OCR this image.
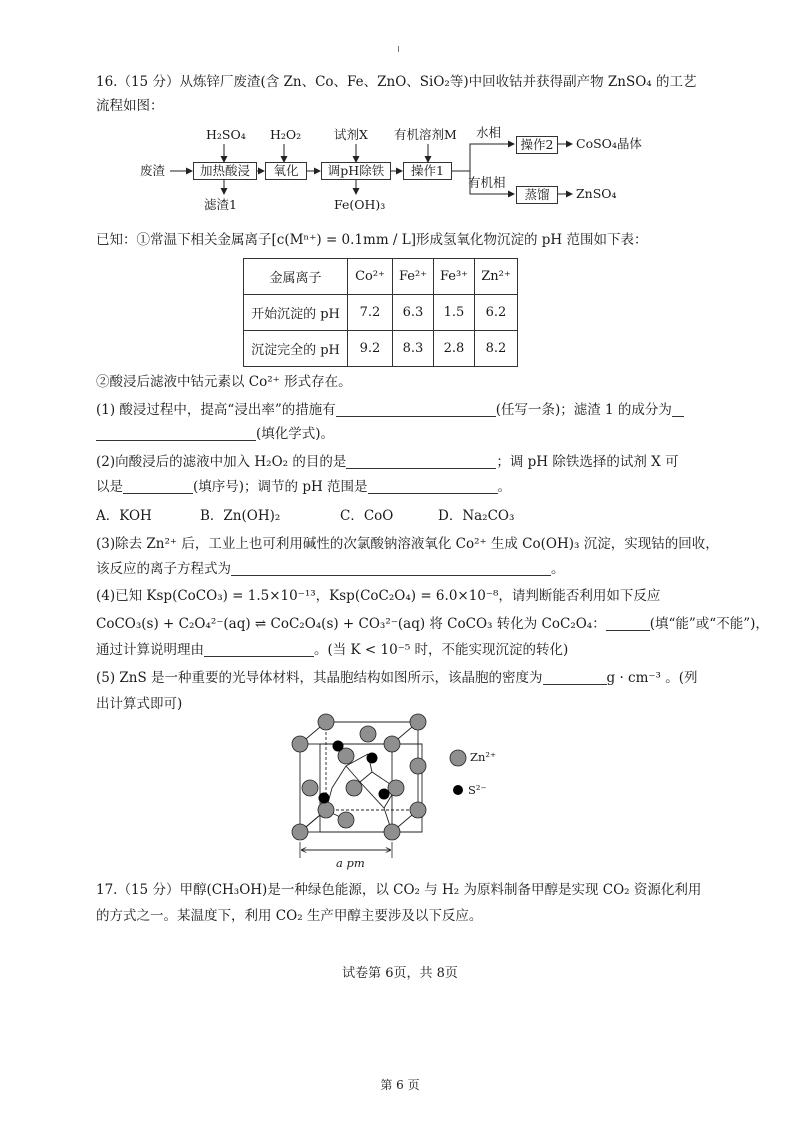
16.（15 分）从炼锌厂废渣(含 Zn、Co、Fe、ZnO、SiO₂等)中回收钴并获得副产物 ZnSO₄ 的工艺
流程如图：
废渣	加热酸浸	氧化	调pH除铁	操作1
操作2
蒸馏
H₂SO₄ H₂O₂	试剂X 有机溶剂M
滤渣1	Fe(OH)₃
水相
有机相
CoSO₄晶体
ZnSO₄
已知：①常温下相关金属离子[c(Mⁿ⁺) = 0.1mm / L]形成氢氧化物沉淀的 pH 范围如下表：
金属离子	Co²⁺	Fe²⁺	Fe³⁺	Zn²⁺
开始沉淀的 pH	7.2	6.3	1.5	6.2
沉淀完全的 pH	9.2	8.3	2.8	8.2
②酸浸后滤液中钴元素以 Co²⁺ 形式存在。
(1) 酸浸过程中，提高“浸出率”的措施有	(任写一条)；滤渣 1 的成分为
(填化学式)。
(2)向酸浸后的滤液中加入 H₂O₂ 的目的是	；调 pH 除铁选择的试剂 X 可
以是	(填序号)；调节的 pH 范围是	。
A．KOH	B．Zn(OH)₂	C．CoO	D．Na₂CO₃
(3)除去 Zn²⁺ 后，工业上也可利用碱性的次氯酸钠溶液氧化 Co²⁺ 生成 Co(OH)₃ 沉淀，实现钴的回收，
该反应的离子方程式为	。
(4)已知 Ksp(CoCO₃) = 1.5×10⁻¹³，Ksp(CoC₂O₄) = 6.0×10⁻⁸，请判断能否利用如下反应
CoCO₃(s) + C₂O₄²⁻(aq) ⇌ CoC₂O₄(s) + CO₃²⁻(aq) 将 CoCO₃ 转化为 CoC₂O₄：	(填“能”或“不能”)，
通过计算说明理由	。(当 K < 10⁻⁵ 时，不能实现沉淀的转化)
(5) ZnS 是一种重要的光导体材料，其晶胞结构如图所示，该晶胞的密度为	g · cm⁻³ 。(列
出计算式即可)
Zn²⁺
S²⁻
a pm
17.（15 分）甲醇(CH₃OH)是一种绿色能源，以 CO₂ 与 H₂ 为原料制备甲醇是实现 CO₂ 资源化利用
的方式之一。某温度下，利用 CO₂ 生产甲醇主要涉及以下反应。
试卷第 6页，共 8页
第 6 页
